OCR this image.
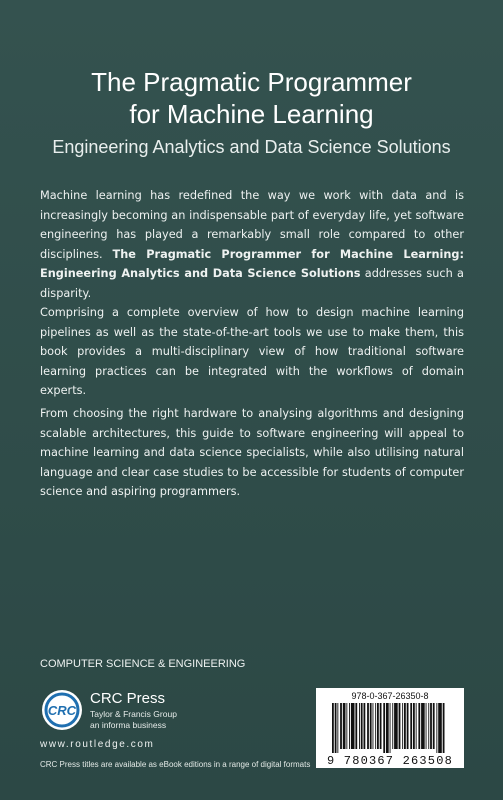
The Pragmatic Programmer
for Machine Learning
Engineering Analytics and Data Science Solutions
Machine learning has redefined the way we work with data and is increasingly becoming an indispensable part of everyday life, yet software engineering has played a remarkably small role compared to other disciplines. The Pragmatic Programmer for Machine Learning: Engineering Analytics and Data Science Solutions addresses such a disparity.
Comprising a complete overview of how to design machine learning pipelines as well as the state-of-the-art tools we use to make them, this book provides a multi-disciplinary view of how traditional software learning practices can be integrated with the workflows of domain experts.
From choosing the right hardware to analysing algorithms and designing scalable architectures, this guide to software engineering will appeal to machine learning and data science specialists, while also utilising natural language and clear case studies to be accessible for students of computer science and aspiring programmers.
COMPUTER SCIENCE & ENGINEERING
CRC
CRC Press
Taylor & Francis Group
an informa business
www.routledge.com
CRC Press titles are available as eBook editions in a range of digital formats
978-0-367-26350-8
9 780367 263508
